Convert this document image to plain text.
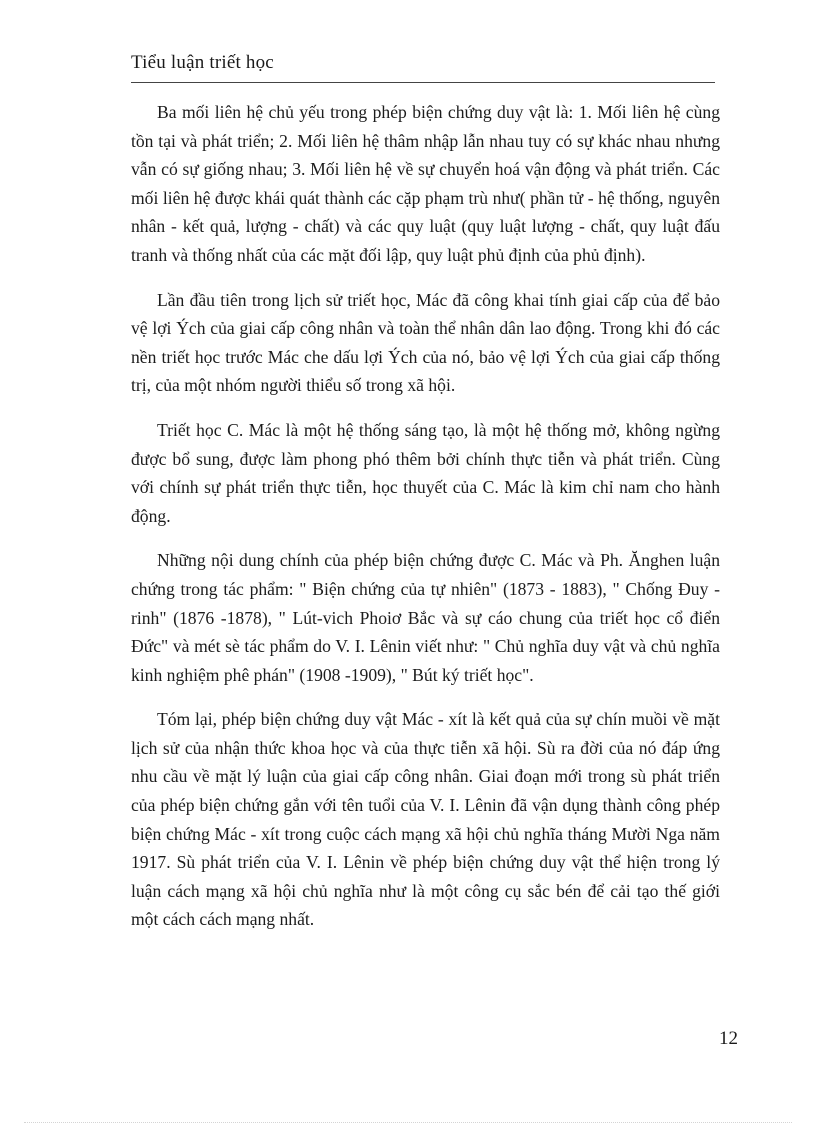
Tiểu luận triết học

Ba mối liên hệ chủ yếu trong phép biện chứng duy vật là: 1. Mối liên hệ cùng tồn tại và phát triển; 2. Mối liên hệ thâm nhập lẫn nhau tuy có sự khác nhau nhưng vẫn có sự giống nhau; 3. Mối liên hệ về sự chuyển hoá vận động và phát triển. Các mối liên hệ được khái quát thành các cặp phạm trù như( phần tử - hệ thống, nguyên nhân - kết quả, lượng - chất) và các quy luật (quy luật lượng - chất, quy luật đấu tranh và thống nhất của các mặt đối lập, quy luật phủ định của phủ định).

Lần đầu tiên trong lịch sử triết học, Mác đã công khai tính giai cấp của để bảo vệ lợi Ých của giai cấp công nhân và toàn thể nhân dân lao động. Trong khi đó các nền triết học trước Mác che dấu lợi Ých của nó, bảo vệ lợi Ých của giai cấp thống trị, của một nhóm người thiểu số trong xã hội.

Triết học C. Mác là một hệ thống sáng tạo, là một hệ thống mở, không ngừng được bổ sung, được làm phong phó thêm bởi chính thực tiễn và phát triển. Cùng với chính sự phát triển thực tiễn, học thuyết của C. Mác là kim chỉ nam cho hành động.

Những nội dung chính của phép biện chứng được C. Mác và Ph. Ănghen luận chứng trong tác phẩm: " Biện chứng của tự nhiên" (1873 - 1883), " Chống Đuy -rinh" (1876 -1878), " Lút-vich Phoiơ Bắc và sự cáo chung của triết học cổ điển Đức" và mét sè tác phẩm do V. I. Lênin viết như: " Chủ nghĩa duy vật và chủ nghĩa kinh nghiệm phê phán" (1908 -1909), " Bút ký triết học".

Tóm lại, phép biện chứng duy vật Mác - xít là kết quả của sự chín muồi về mặt lịch sử của nhận thức khoa học và của thực tiễn xã hội. Sù ra đời của nó đáp ứng nhu cầu về mặt lý luận của giai cấp công nhân. Giai đoạn mới trong sù phát triển của phép biện chứng gắn với tên tuổi của V. I. Lênin đã vận dụng thành công phép biện chứng Mác - xít trong cuộc cách mạng xã hội chủ nghĩa tháng Mười Nga năm 1917. Sù phát triển của V. I. Lênin về phép biện chứng duy vật thể hiện trong lý luận cách mạng xã hội chủ nghĩa như là một công cụ sắc bén để cải tạo thế giới một cách cách mạng nhất.

12
